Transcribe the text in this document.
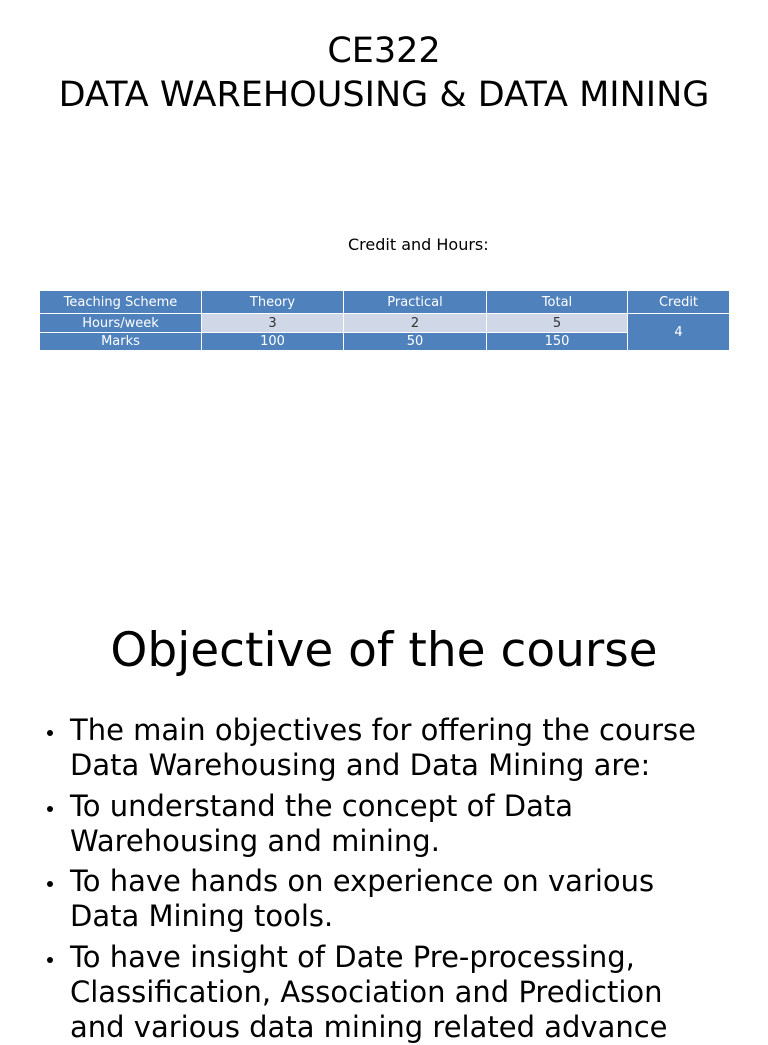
CE322
DATA WAREHOUSING & DATA MINING
Credit and Hours:
Teaching Scheme	Theory	Practical	Total	Credit
Hours/week	3	2	5	4
Marks	100	50	150	
Objective of the course
The main objectives for offering the course Data Warehousing and Data Mining are:
To understand the concept of Data Warehousing and mining.
To have hands on experience on various Data Mining tools.
To have insight of Date Pre-processing, Classification, Association and Prediction and various data mining related advance
